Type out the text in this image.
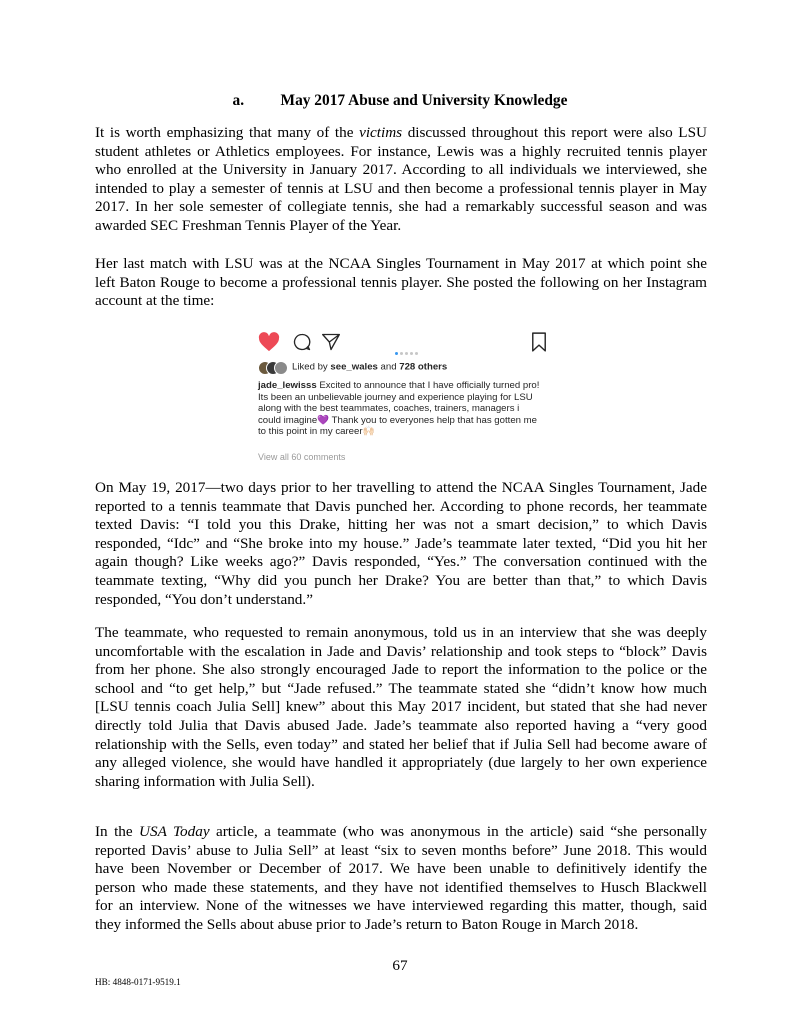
a. May 2017 Abuse and University Knowledge

It is worth emphasizing that many of the victims discussed throughout this report were also LSU
student athletes or Athletics employees. For instance, Lewis was a highly recruited tennis player
who enrolled at the University in January 2017. According to all individuals we interviewed, she
intended to play a semester of tennis at LSU and then become a professional tennis player in May
2017. In her sole semester of collegiate tennis, she had a remarkably successful season and was
awarded SEC Freshman Tennis Player of the Year.

Her last match with LSU was at the NCAA Singles Tournament in May 2017 at which point she
left Baton Rouge to become a professional tennis player. She posted the following on her Instagram
account at the time:

Liked by see_wales and 728 others
jade_lewisss Excited to announce that I have officially turned pro! Its been an unbelievable journey and experience playing for LSU along with the best teammates, coaches, trainers, managers i could imagine💜 Thank you to everyones help that has gotten me to this point in my career🙌🏻
View all 60 comments

On May 19, 2017—two days prior to her travelling to attend the NCAA Singles Tournament, Jade
reported to a tennis teammate that Davis punched her. According to phone records, her teammate
texted Davis: “I told you this Drake, hitting her was not a smart decision,” to which Davis
responded, “Idc” and “She broke into my house.” Jade’s teammate later texted, “Did you hit her
again though? Like weeks ago?” Davis responded, “Yes.” The conversation continued with the
teammate texting, “Why did you punch her Drake? You are better than that,” to which Davis
responded, “You don’t understand.”

The teammate, who requested to remain anonymous, told us in an interview that she was deeply
uncomfortable with the escalation in Jade and Davis’ relationship and took steps to “block” Davis
from her phone. She also strongly encouraged Jade to report the information to the police or the
school and “to get help,” but “Jade refused.” The teammate stated she “didn’t know how much
[LSU tennis coach Julia Sell] knew” about this May 2017 incident, but stated that she had never
directly told Julia that Davis abused Jade. Jade’s teammate also reported having a “very good
relationship with the Sells, even today” and stated her belief that if Julia Sell had become aware of
any alleged violence, she would have handled it appropriately (due largely to her own experience
sharing information with Julia Sell).

In the USA Today article, a teammate (who was anonymous in the article) said “she personally
reported Davis’ abuse to Julia Sell” at least “six to seven months before” June 2018. This would
have been November or December of 2017. We have been unable to definitively identify the
person who made these statements, and they have not identified themselves to Husch Blackwell
for an interview. None of the witnesses we have interviewed regarding this matter, though, said
they informed the Sells about abuse prior to Jade’s return to Baton Rouge in March 2018.

67
HB: 4848-0171-9519.1
